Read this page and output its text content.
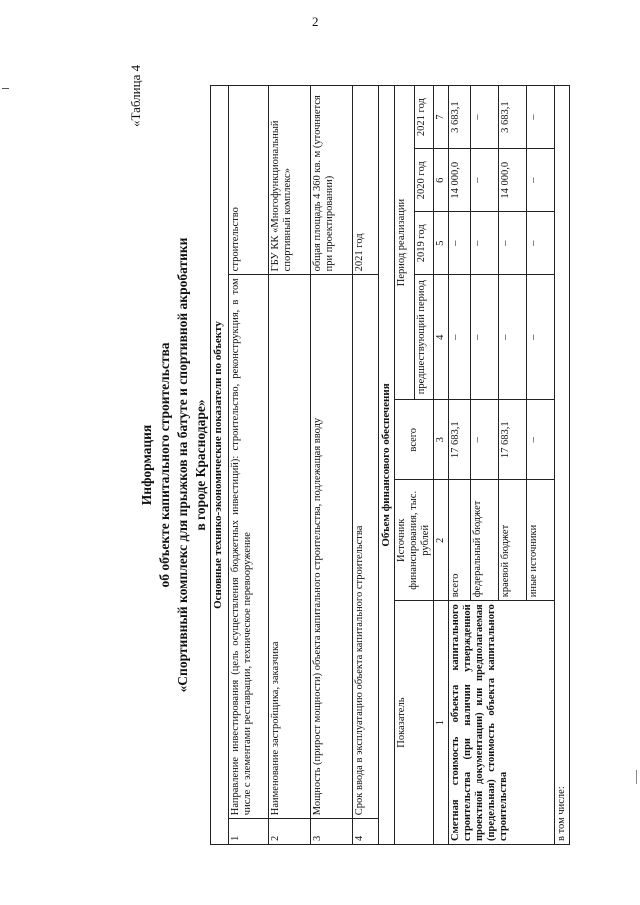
2
«Таблица 4
Информация об объекте капитального строительства «Спортивный комплекс для прыжков на батуте и спортивной акробатики в городе Краснодаре» Основные технико-экономические показатели по объекту							
1	Направление инвестирования (цель осуществления бюджетных инвестиций): строительство, реконструкция, в том числе с элементами реставрации, техническое перевооружение				строительство		
2	Наименование застройщика, заказчика				ГБУ КК «Многофункциональный спортивный комплекс»		
3	Мощность (прирост мощности) объекта капитального строительства, подлежащая вводу				общая площадь 4 360 кв. м (уточняется при проектировании)		
4	Срок ввода в эксплуатацию объекта капитального строительства				2021 год		
Объем финансового обеспечения							
Показатель		Источник финансирования, тыс. рублей	всего	Период реализации			
				предшествующий период	2019 год	2020 год	2021 год
1		2	3	4	5	6	7
Сметная стоимость объекта капитального строительства (при наличии утвержденной проектной документации) или предполагаемая (предельная) стоимость объекта капитального строительства		всего	17 683,1	–	–	14 000,0	3 683,1
		федеральный бюджет	–	–	–	–	–
		краевой бюджет	17 683,1	–	–	14 000,0	3 683,1
		иные источники	–	–	–	–	–
в том числе:							
